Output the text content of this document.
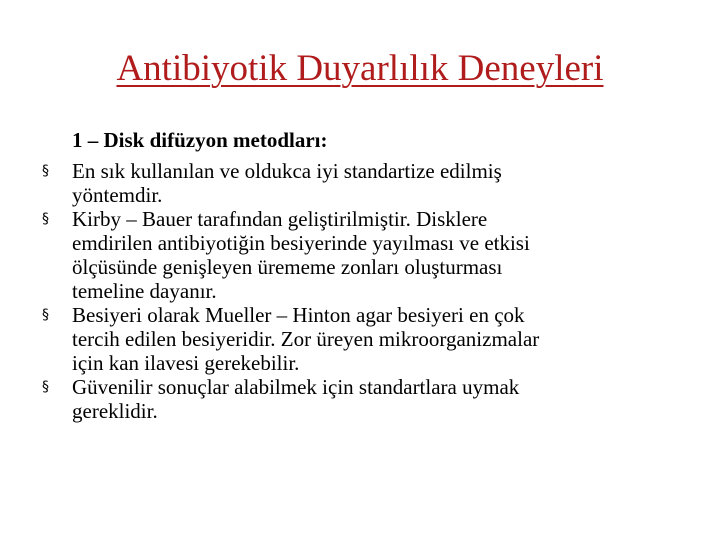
Antibiyotik Duyarlılık Deneyleri
1 – Disk difüzyon metodları:
§	En sık kullanılan ve oldukca iyi standartize edilmiş
yöntemdir.
§	Kirby – Bauer tarafından geliştirilmiştir. Disklere
emdirilen antibiyotiğin besiyerinde yayılması ve etkisi
ölçüsünde genişleyen ürememe zonları oluşturması
temeline dayanır.
§	Besiyeri olarak Mueller – Hinton agar besiyeri en çok
tercih edilen besiyeridir. Zor üreyen mikroorganizmalar
için kan ilavesi gerekebilir.
§	Güvenilir sonuçlar alabilmek için standartlara uymak
gereklidir.
